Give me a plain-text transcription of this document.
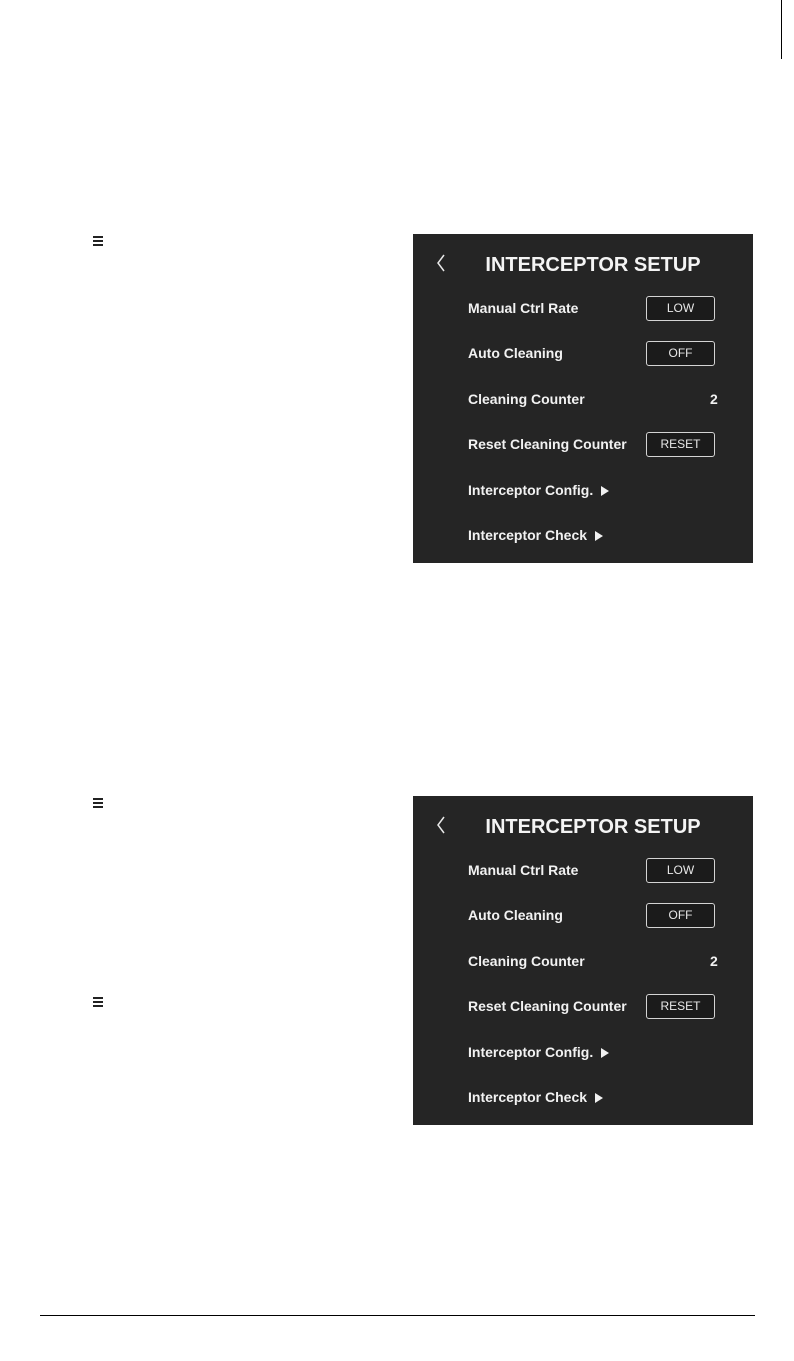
INTERCEPTOR SETUP
Manual Ctrl Rate	LOW
Auto Cleaning	OFF
Cleaning Counter	2
Reset Cleaning Counter	RESET
Interceptor Config.
Interceptor Check
INTERCEPTOR SETUP
Manual Ctrl Rate	LOW
Auto Cleaning	OFF
Cleaning Counter	2
Reset Cleaning Counter	RESET
Interceptor Config.
Interceptor Check
